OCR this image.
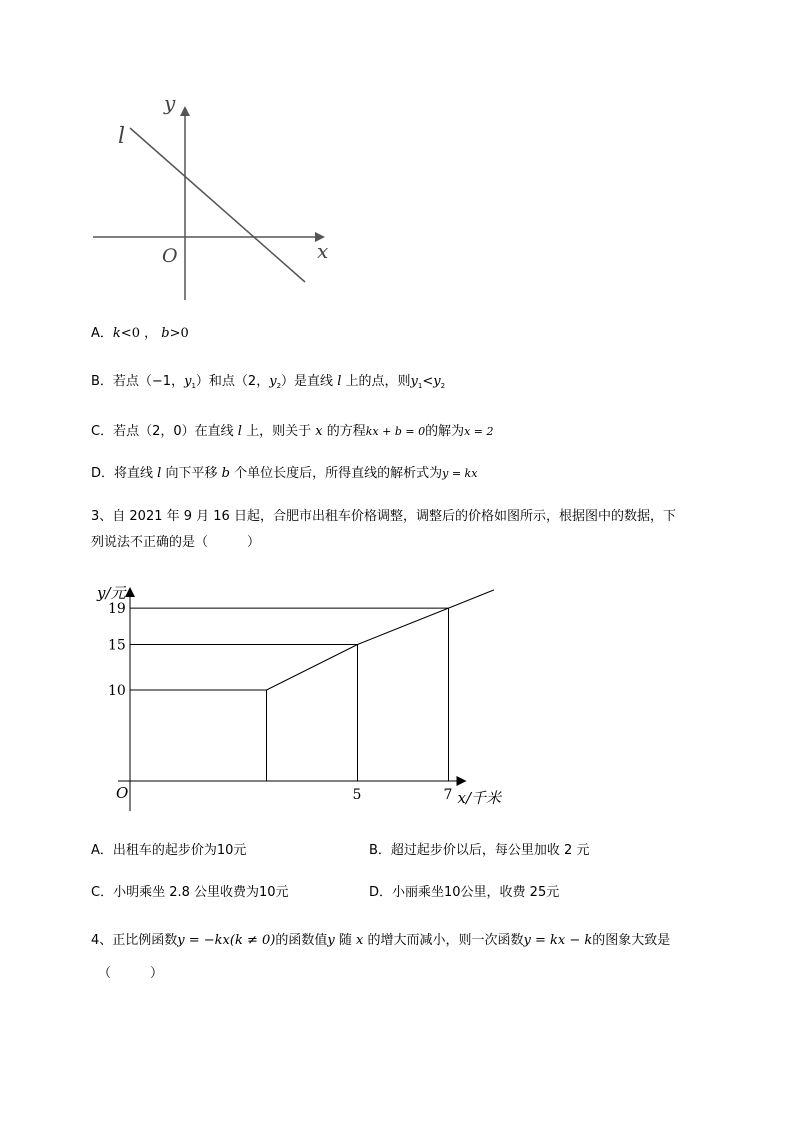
x
y
O
l
A．k<0 ， b>0
B．若点（−1，$y_1$）和点（2，$y_2$）是直线 l 上的点，则$y_1<y_2$
C．若点（2，0）在直线 l 上，则关于 x 的方程kx + b = 0的解为x = 2
D．将直线 l 向下平移 b 个单位长度后，所得直线的解析式为y = kx
3、自 2021 年 9 月 16 日起，合肥市出租车价格调整，调整后的价格如图所示，根据图中的数据，下
列说法不正确的是（　　　）
10
15
19
5	7
y/元
x/千米
O
A．出租车的起步价为10元	B．超过起步价以后，每公里加收 2 元
C．小明乘坐 2.8 公里收费为10元	D．小丽乘坐10公里，收费 25元
4、正比例函数y = −kx(k ≠ 0)的函数值y 随 x 的增大而减小，则一次函数y = kx − k的图象大致是
（　　　）
